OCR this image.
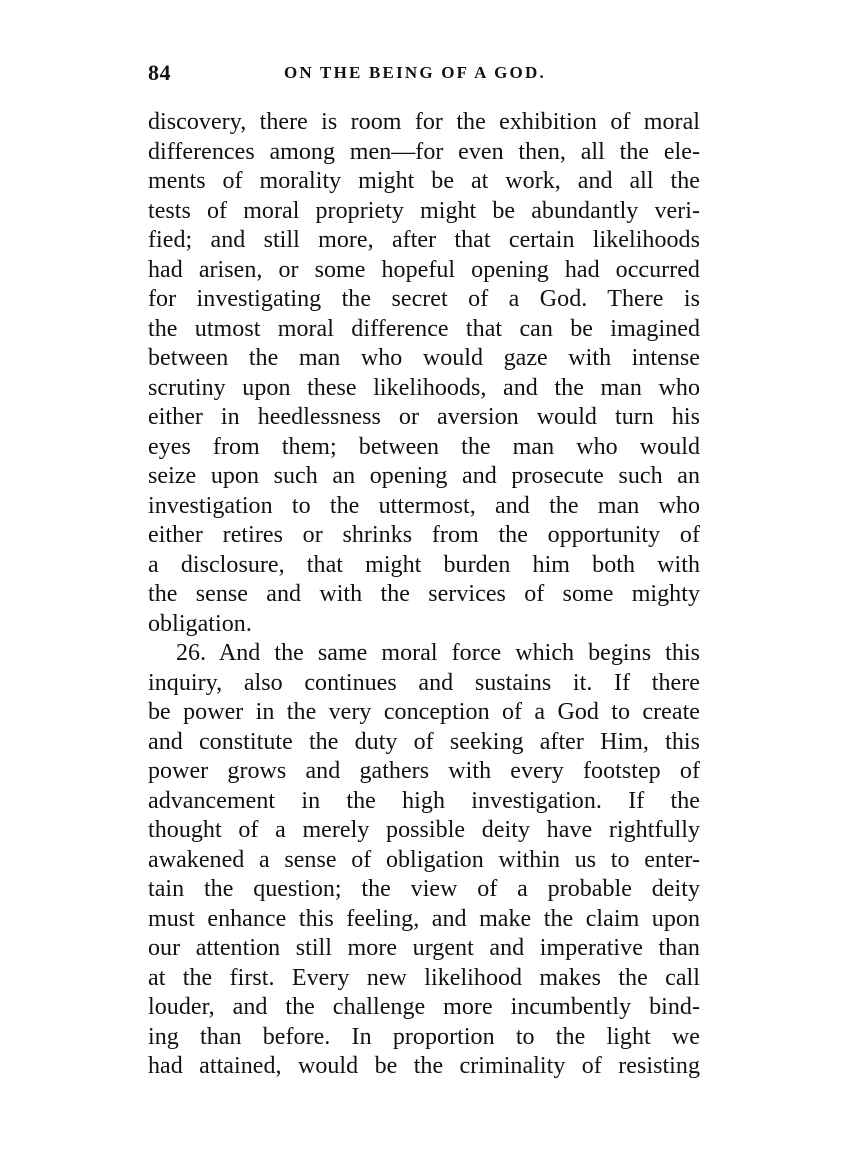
84	ON THE BEING OF A GOD.
discovery, there is room for the exhibition of moral
differences among men—for even then, all the ele-
ments of morality might be at work, and all the
tests of moral propriety might be abundantly veri-
fied; and still more, after that certain likelihoods
had arisen, or some hopeful opening had occurred
for investigating the secret of a God. There is
the utmost moral difference that can be imagined
between the man who would gaze with intense
scrutiny upon these likelihoods, and the man who
either in heedlessness or aversion would turn his
eyes from them; between the man who would
seize upon such an opening and prosecute such an
investigation to the uttermost, and the man who
either retires or shrinks from the opportunity of
a disclosure, that might burden him both with
the sense and with the services of some mighty
obligation.
26. And the same moral force which begins this
inquiry, also continues and sustains it. If there
be power in the very conception of a God to create
and constitute the duty of seeking after Him, this
power grows and gathers with every footstep of
advancement in the high investigation. If the
thought of a merely possible deity have rightfully
awakened a sense of obligation within us to enter-
tain the question; the view of a probable deity
must enhance this feeling, and make the claim upon
our attention still more urgent and imperative than
at the first. Every new likelihood makes the call
louder, and the challenge more incumbently bind-
ing than before. In proportion to the light we
had attained, would be the criminality of resisting
